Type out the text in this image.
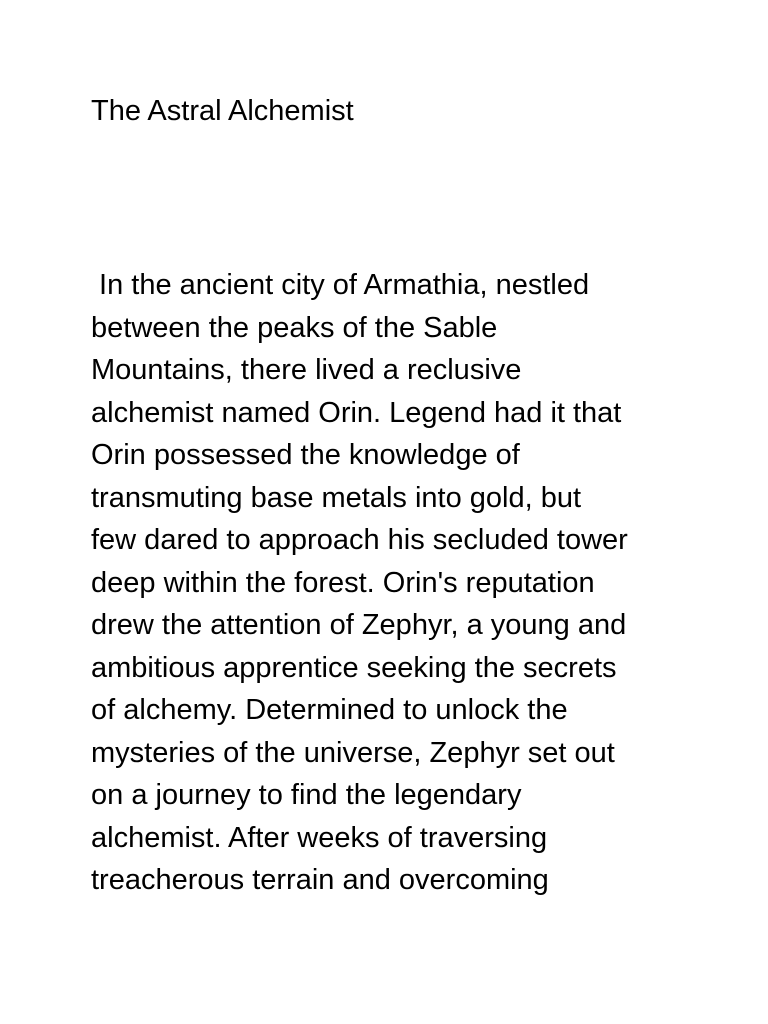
The Astral Alchemist
In the ancient city of Armathia, nestled
between the peaks of the Sable
Mountains, there lived a reclusive
alchemist named Orin. Legend had it that
Orin possessed the knowledge of
transmuting base metals into gold, but
few dared to approach his secluded tower
deep within the forest. Orin's reputation
drew the attention of Zephyr, a young and
ambitious apprentice seeking the secrets
of alchemy. Determined to unlock the
mysteries of the universe, Zephyr set out
on a journey to find the legendary
alchemist. After weeks of traversing
treacherous terrain and overcoming
